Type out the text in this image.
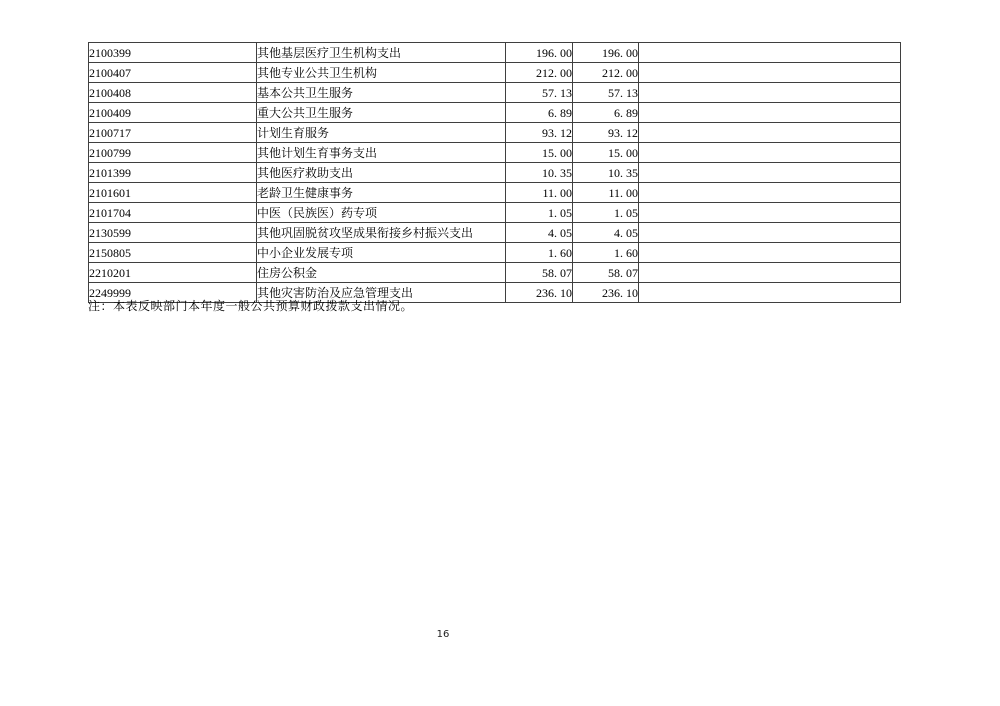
2100399	其他基层医疗卫生机构支出	196. 00	196. 00	
2100407	其他专业公共卫生机构	212. 00	212. 00	
2100408	基本公共卫生服务	57. 13	57. 13	
2100409	重大公共卫生服务	6. 89	6. 89	
2100717	计划生育服务	93. 12	93. 12	
2100799	其他计划生育事务支出	15. 00	15. 00	
2101399	其他医疗救助支出	10. 35	10. 35	
2101601	老龄卫生健康事务	11. 00	11. 00	
2101704	中医（民族医）药专项	1. 05	1. 05	
2130599	其他巩固脱贫攻坚成果衔接乡村振兴支出	4. 05	4. 05	
2150805	中小企业发展专项	1. 60	1. 60	
2210201	住房公积金	58. 07	58. 07	
2249999	其他灾害防治及应急管理支出	236. 10	236. 10	
注：本表反映部门本年度一般公共预算财政拨款支出情况。
16
